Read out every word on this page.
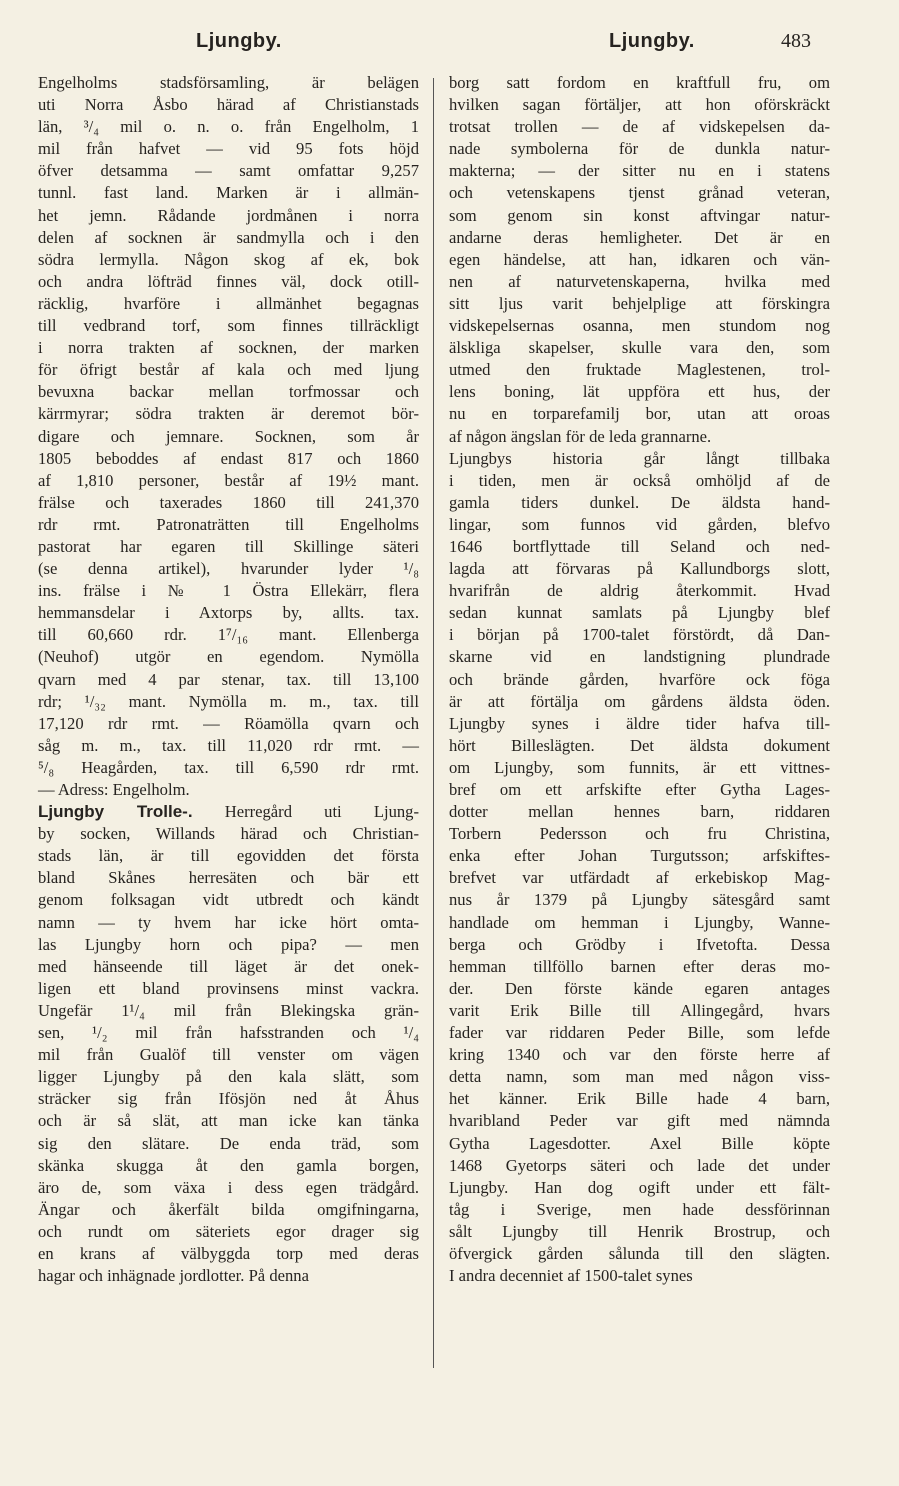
Ljungby.	Ljungby.	483
Engelholms stadsförsamling, är belägen
uti Norra Åsbo härad af Christianstads
län, ³/₄ mil o. n. o. från Engelholm, 1
mil från hafvet — vid 95 fots höjd
öfver detsamma — samt omfattar 9,257
tunnl. fast land. Marken är i allmän-
het jemn. Rådande jordmånen i norra
delen af socknen är sandmylla och i den
södra lermylla. Någon skog af ek, bok
och andra löfträd finnes väl, dock otill-
räcklig, hvarföre i allmänhet begagnas
till vedbrand torf, som finnes tillräckligt
i norra trakten af socknen, der marken
för öfrigt består af kala och med ljung
bevuxna backar mellan torfmossar och
kärrmyrar; södra trakten är deremot bör-
digare och jemnare. Socknen, som år
1805 beboddes af endast 817 och 1860
af 1,810 personer, består af 19½ mant.
frälse och taxerades 1860 till 241,370
rdr rmt. Patronaträtten till Engelholms
pastorat har egaren till Skillinge säteri
(se denna artikel), hvarunder lyder ¹/₈
ins. frälse i № 1 Östra Ellekärr, flera
hemmansdelar i Axtorps by, allts. tax.
till 60,660 rdr. 1⁷/₁₆ mant. Ellenberga
(Neuhof) utgör en egendom. Nymölla
qvarn med 4 par stenar, tax. till 13,100
rdr; ¹/₃₂ mant. Nymölla m. m., tax. till
17,120 rdr rmt. — Röamölla qvarn och
såg m. m., tax. till 11,020 rdr rmt. —
⁵/₈ Heagården, tax. till 6,590 rdr rmt.
— Adress: Engelholm.
Ljungby Trolle-. Herregård uti Ljung-
by socken, Willands härad och Christian-
stads län, är till egovidden det första
bland Skånes herresäten och bär ett
genom folksagan vidt utbredt och kändt
namn — ty hvem har icke hört omta-
las Ljungby horn och pipa? — men
med hänseende till läget är det onek-
ligen ett bland provinsens minst vackra.
Ungefär 1¹/₄ mil från Blekingska grän-
sen, ¹/₂ mil från hafsstranden och ¹/₄
mil från Gualöf till venster om vägen
ligger Ljungby på den kala slätt, som
sträcker sig från Ifösjön ned åt Åhus
och är så slät, att man icke kan tänka
sig den slätare. De enda träd, som
skänka skugga åt den gamla borgen,
äro de, som växa i dess egen trädgård.
Ängar och åkerfält bilda omgifningarna,
och rundt om säteriets egor drager sig
en krans af välbyggda torp med deras
hagar och inhägnade jordlotter. På denna
borg satt fordom en kraftfull fru, om
hvilken sagan förtäljer, att hon oförskräckt
trotsat trollen — de af vidskepelsen da-
nade symbolerna för de dunkla natur-
makterna; — der sitter nu en i statens
och vetenskapens tjenst grånad veteran,
som genom sin konst aftvingar natur-
andarne deras hemligheter. Det är en
egen händelse, att han, idkaren och vän-
nen af naturvetenskaperna, hvilka med
sitt ljus varit behjelplige att förskingra
vidskepelsernas osanna, men stundom nog
älskliga skapelser, skulle vara den, som
utmed den fruktade Maglestenen, trol-
lens boning, lät uppföra ett hus, der
nu en torparefamilj bor, utan att oroas
af någon ängslan för de leda grannarne.
Ljungbys historia går långt tillbaka
i tiden, men är också omhöljd af de
gamla tiders dunkel. De äldsta hand-
lingar, som funnos vid gården, blefvo
1646 bortflyttade till Seland och ned-
lagda att förvaras på Kallundborgs slott,
hvarifrån de aldrig återkommit. Hvad
sedan kunnat samlats på Ljungby blef
i början på 1700-talet förstördt, då Dan-
skarne vid en landstigning plundrade
och brände gården, hvarföre ock föga
är att förtälja om gårdens äldsta öden.
Ljungby synes i äldre tider hafva till-
hört Billeslägten. Det äldsta dokument
om Ljungby, som funnits, är ett vittnes-
bref om ett arfskifte efter Gytha Lages-
dotter mellan hennes barn, riddaren
Torbern Pedersson och fru Christina,
enka efter Johan Turgutsson; arfskiftes-
brefvet var utfärdadt af erkebiskop Mag-
nus år 1379 på Ljungby sätesgård samt
handlade om hemman i Ljungby, Wanne-
berga och Grödby i Ifvetofta. Dessa
hemman tillföllo barnen efter deras mo-
der. Den förste kände egaren antages
varit Erik Bille till Allingegård, hvars
fader var riddaren Peder Bille, som lefde
kring 1340 och var den förste herre af
detta namn, som man med någon viss-
het känner. Erik Bille hade 4 barn,
hvaribland Peder var gift med nämnda
Gytha Lagesdotter. Axel Bille köpte
1468 Gyetorps säteri och lade det under
Ljungby. Han dog ogift under ett fält-
tåg i Sverige, men hade dessförinnan
sålt Ljungby till Henrik Brostrup, och
öfvergick gården sålunda till den slägten.
I andra decenniet af 1500-talet synes
